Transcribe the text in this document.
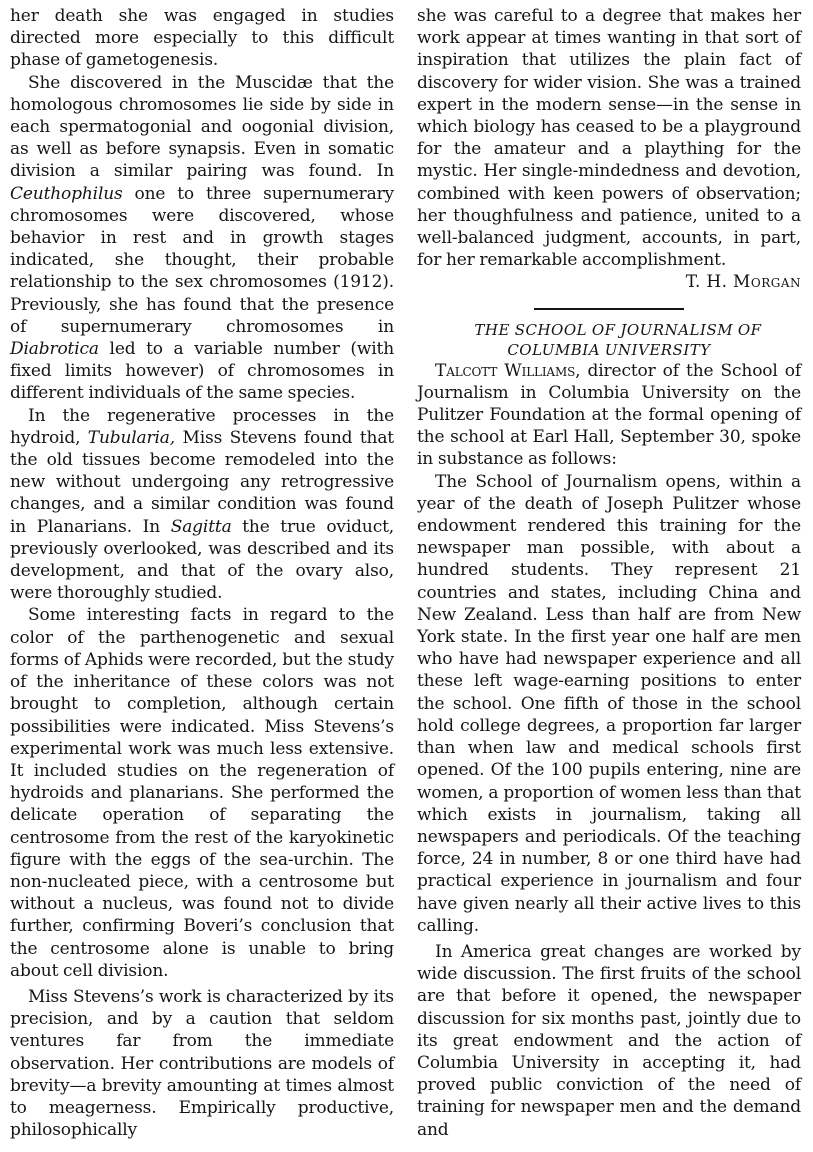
her death she was engaged in studies directed more especially to this difficult phase of gametogenesis.

She discovered in the Muscidæ that the homologous chromosomes lie side by side in each spermatogonial and oogonial division, as well as before synapsis. Even in somatic division a similar pairing was found. In Ceuthophilus one to three supernumerary chromosomes were discovered, whose behavior in rest and in growth stages indicated, she thought, their probable relationship to the sex chromosomes (1912). Previously, she has found that the presence of supernumerary chromosomes in Diabrotica led to a variable number (with fixed limits however) of chromosomes in different individuals of the same species.

In the regenerative processes in the hydroid, Tubularia, Miss Stevens found that the old tissues become remodeled into the new without undergoing any retrogressive changes, and a similar condition was found in Planarians. In Sagitta the true oviduct, previously overlooked, was described and its development, and that of the ovary also, were thoroughly studied.

Some interesting facts in regard to the color of the parthenogenetic and sexual forms of Aphids were recorded, but the study of the inheritance of these colors was not brought to completion, although certain possibilities were indicated. Miss Stevens’s experimental work was much less extensive. It included studies on the regeneration of hydroids and planarians. She performed the delicate operation of separating the centrosome from the rest of the karyokinetic figure with the eggs of the sea-urchin. The non-nucleated piece, with a centrosome but without a nucleus, was found not to divide further, confirming Boveri’s conclusion that the centrosome alone is unable to bring about cell division.

Miss Stevens’s work is characterized by its precision, and by a caution that seldom ventures far from the immediate observation. Her contributions are models of brevity—a brevity amounting at times almost to meagerness. Empirically productive, philosophically

she was careful to a degree that makes her work appear at times wanting in that sort of inspiration that utilizes the plain fact of discovery for wider vision. She was a trained expert in the modern sense—in the sense in which biology has ceased to be a playground for the amateur and a plaything for the mystic. Her single-mindedness and devotion, combined with keen powers of observation; her thoughfulness and patience, united to a well-balanced judgment, accounts, in part, for her remarkable accomplishment.

T. H. Morgan

THE SCHOOL OF JOURNALISM OF
COLUMBIA UNIVERSITY

Talcott Williams, director of the School of Journalism in Columbia University on the Pulitzer Foundation at the formal opening of the school at Earl Hall, September 30, spoke in substance as follows:

The School of Journalism opens, within a year of the death of Joseph Pulitzer whose endowment rendered this training for the newspaper man possible, with about a hundred students. They represent 21 countries and states, including China and New Zealand. Less than half are from New York state. In the first year one half are men who have had newspaper experience and all these left wage-earning positions to enter the school. One fifth of those in the school hold college degrees, a proportion far larger than when law and medical schools first opened. Of the 100 pupils entering, nine are women, a proportion of women less than that which exists in journalism, taking all newspapers and periodicals. Of the teaching force, 24 in number, 8 or one third have had practical experience in journalism and four have given nearly all their active lives to this calling.

In America great changes are worked by wide discussion. The first fruits of the school are that before it opened, the newspaper discussion for six months past, jointly due to its great endowment and the action of Columbia University in accepting it, had proved public conviction of the need of training for newspaper men and the demand and
